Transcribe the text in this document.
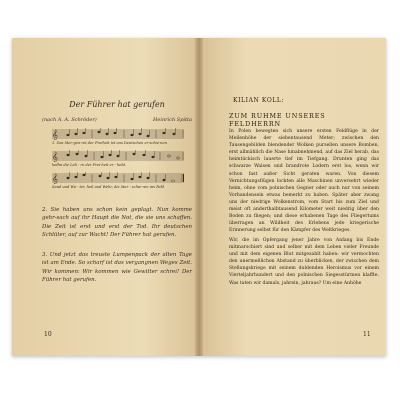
Der Führer hat gerufen
(nach A. A. Schröder)	Heinrich Spitta
𝄞
1. Das Mor-gen-rot der Freiheit ist uns Deutschen er-schie-nen
𝄞
lodhn die Leh - re der Frei-heit er - hebt.
𝄞
Sand und Wa - ter, heil und Wehr, die Mar - schie-ren ins Feld
2. Sie haben uns schon kein geplagt. Nun komme gehr-sach auf ihr Haupt die Not, die sie uns schaffen. Die Zeit ist erst und erst der Tod. Ihr deutschen Schlüter, auf zur Wacht! Der Führer hat gerufen.
3. Und jetzt das treuste Lumpenpack der alten Tage ist am Ende. So scharf ist das vergangnen Weges Zeit. Wir kommen: Wir kommen wie Gewitter schrei! Der Führer hat gerufen.
10
KILIAN KOLL:
ZUM RUHME UNSERES FELDHERRN
In Polen bewegten sich unsere ersten Feldflüge in der Meilenhöhe der siebentausend Meter; zwischen den Tausengebilden blendender Wolken pursellen unsere Bomben, erst allmählich die Nase hinabnehmend, auf das Ziel herab, das heimtückisch lauerte tief im Tiefgang. Drunten ging das schwarze Walsen und brandrote Lodern erst los, wenn wir schon fast außer Sicht geraten waren. Von diesem Vernichtungsflügen lockten alle Maschinen unversehrt wieder heim, ohne vom polnischen Gegner oder auch nur von seinem Vorhandensein etwas bemerkt zu haben. Später aber zwang uns der niedrige Wolkenstrom, vom Start bis zum Ziel und meist oft anderthalbtausend Kilometer weit niedrig über den Boden zu fliegen; und diese erhabenen Tage des Fliegertums überragen an Wildheit des Erlebens jede kriegerische Erinnerung selbst für den Kämpfer des Weltkrieges.
Wir, die im Opfergang jener Jahre von Anfang bis Ende mitmarschiert sind und selber mit dem Leben vieler Freunde und mit dem eigenen Blut mitgezahlt haben: wir vermochten den unermeßlichen Abstand zu überblicken, der zwischen dem Stellungskriege mit seinem duldenden Heroismus vor einem Vierteljahrhundert und den polnischen Siegesstürmen klaffte. Was taten wir damals, jahrein, jahraus? Um eine Anhöhe
11
